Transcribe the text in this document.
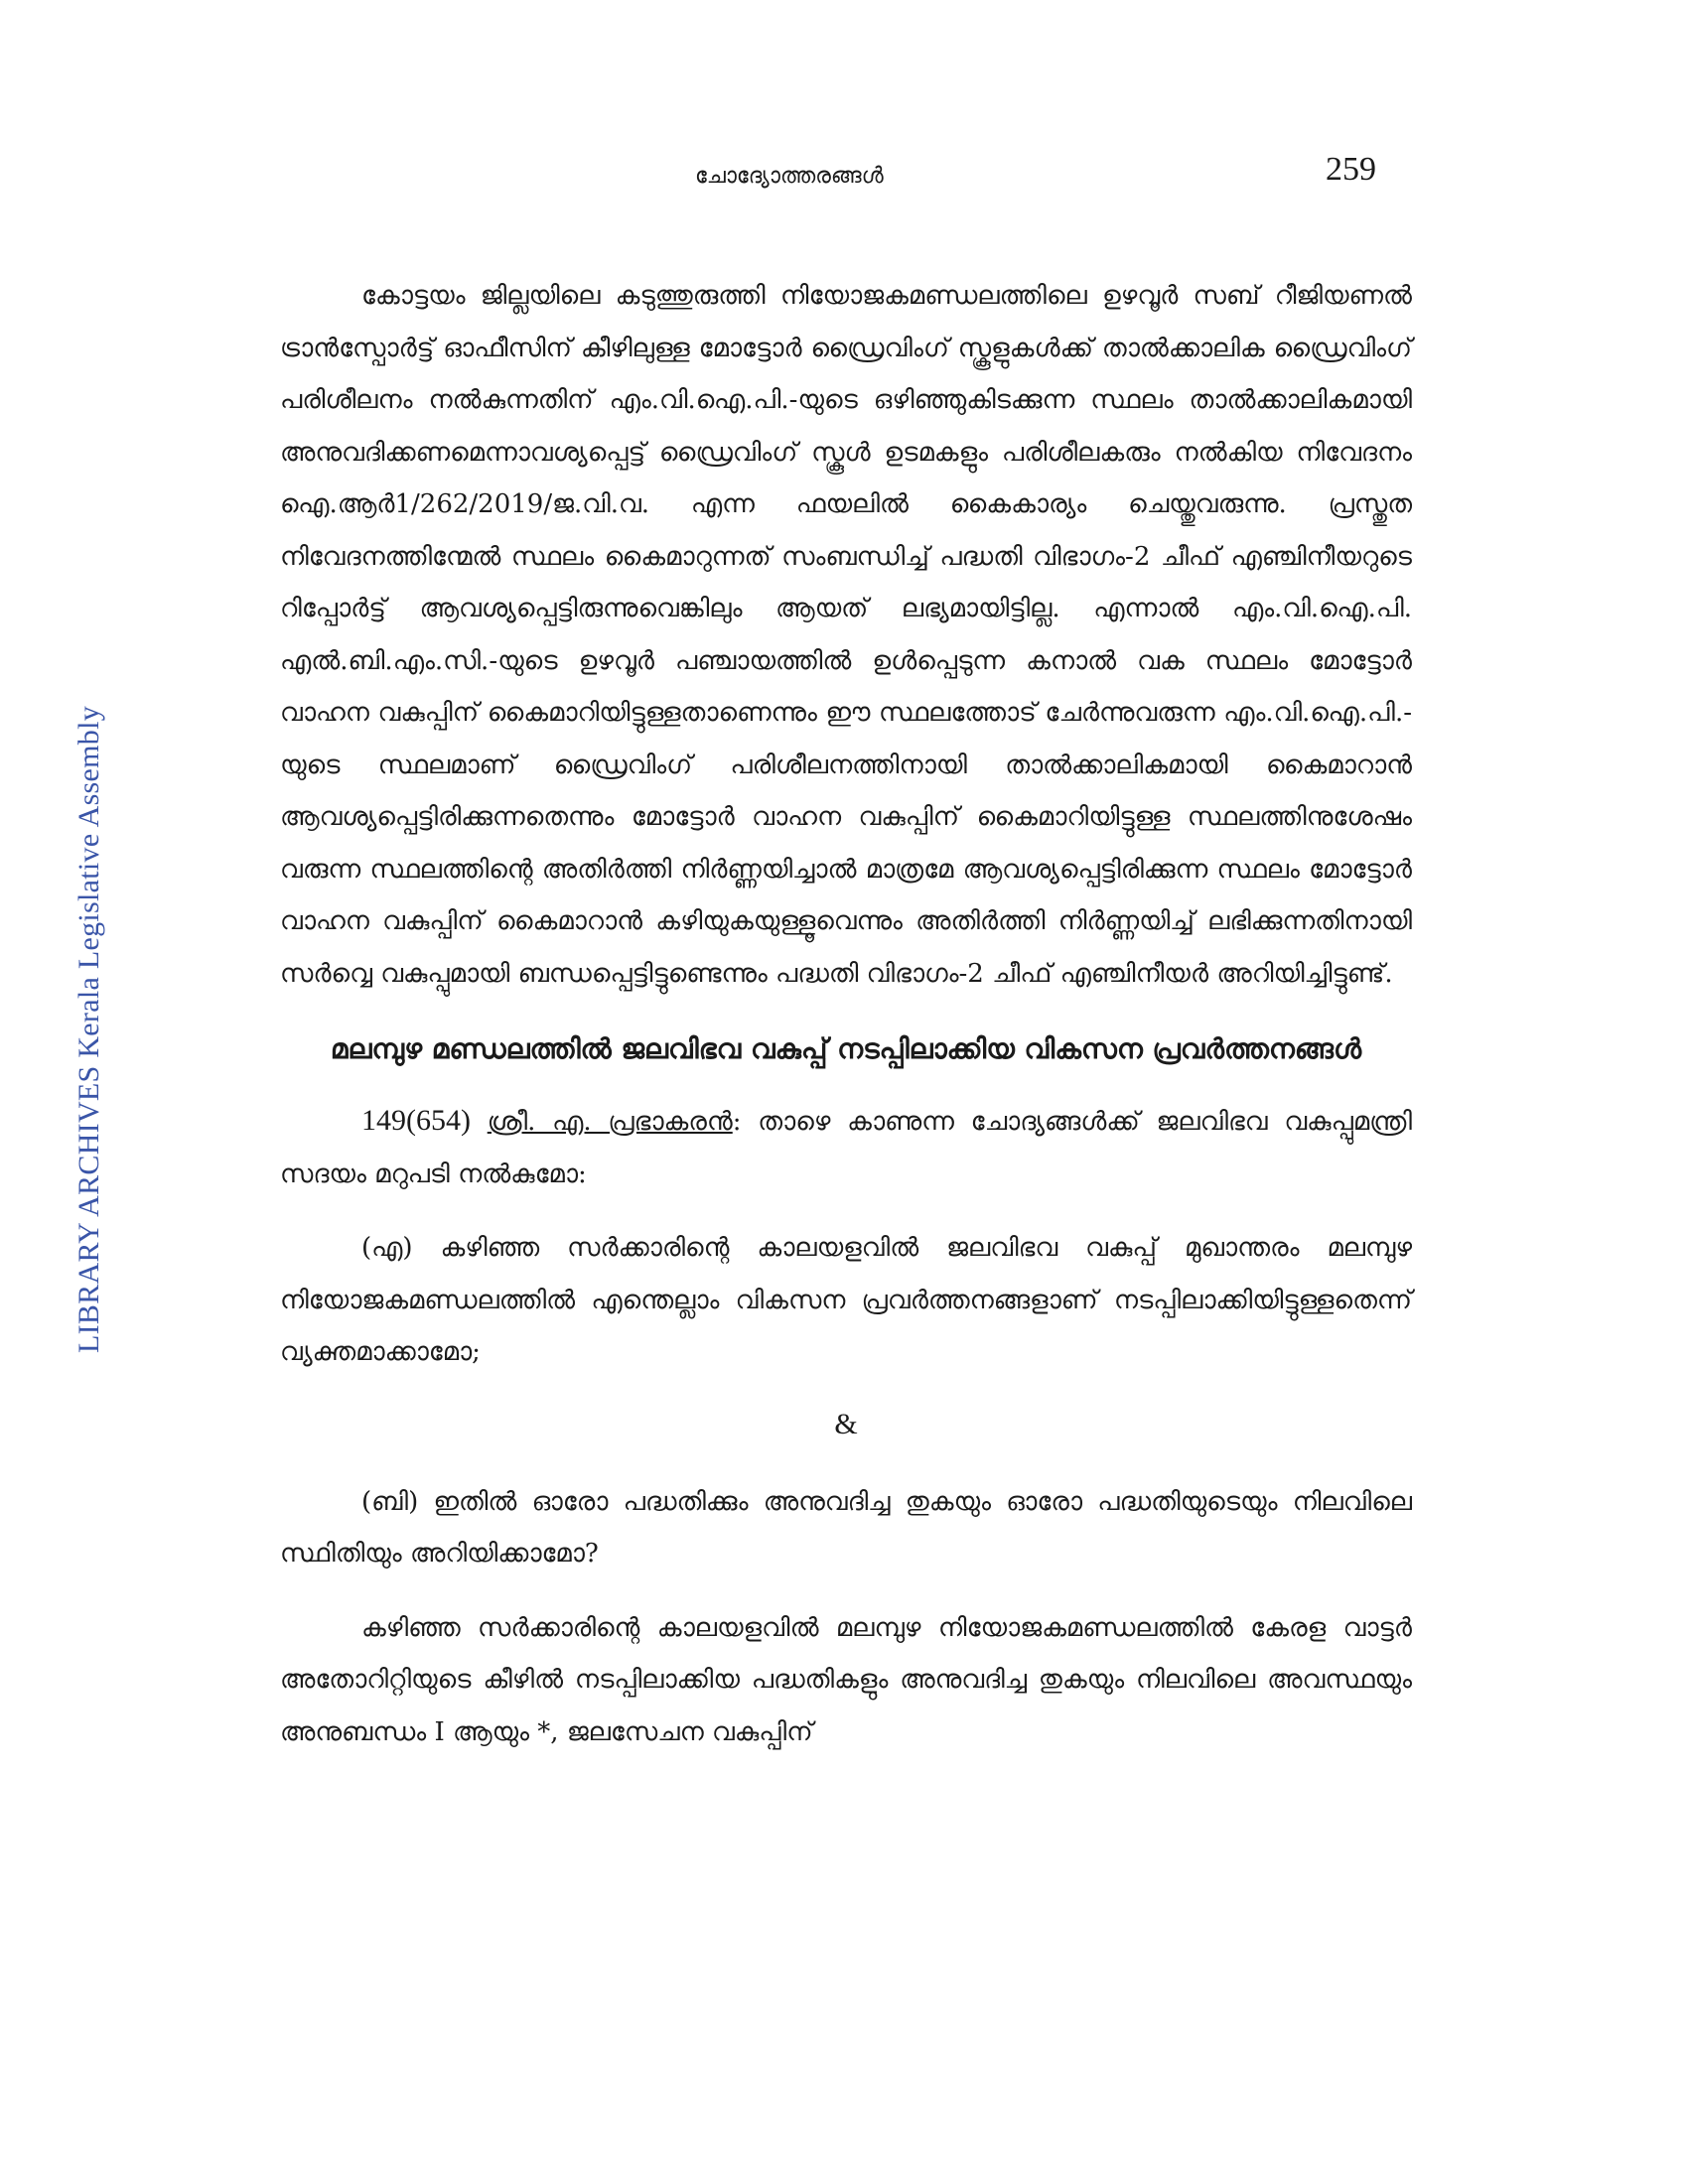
ചോദ്യോത്തരങ്ങൾ	259
LIBRARY ARCHIVES Kerala Legislative Assembly

കോട്ടയം ജില്ലയിലെ കടുത്തുരുത്തി നിയോജകമണ്ഡലത്തിലെ ഉഴവൂർ സബ് റീജിയണൽ ട്രാൻസ്പോർട്ട് ഓഫീസിന് കീഴിലുള്ള മോട്ടോർ ഡ്രൈവിംഗ് സ്കൂളുകൾക്ക് താൽക്കാലിക ഡ്രൈവിംഗ് പരിശീലനം നൽകുന്നതിന് എം.വി.ഐ.പി.-യുടെ ഒഴിഞ്ഞുകിടക്കുന്ന സ്ഥലം താൽക്കാലികമായി അനുവദിക്കണമെന്നാവശ്യപ്പെട്ട് ഡ്രൈവിംഗ് സ്കൂൾ ഉടമകളും പരിശീലകരും നൽകിയ നിവേദനം ഐ.ആർ1/262/2019/ജ.വി.വ. എന്ന ഫയലിൽ കൈകാര്യം ചെയ്തുവരുന്നു. പ്രസ്തുത നിവേദനത്തിന്മേൽ സ്ഥലം കൈമാറുന്നത് സംബന്ധിച്ച് പദ്ധതി വിഭാഗം-2 ചീഫ് എഞ്ചിനീയറുടെ റിപ്പോർട്ട് ആവശ്യപ്പെട്ടിരുന്നുവെങ്കിലും ആയത് ലഭ്യമായിട്ടില്ല. എന്നാൽ എം.വി.ഐ.പി. എൽ.ബി.എം.സി.-യുടെ ഉഴവൂർ പഞ്ചായത്തിൽ ഉൾപ്പെടുന്ന കനാൽ വക സ്ഥലം മോട്ടോർ വാഹന വകുപ്പിന് കൈമാറിയിട്ടുള്ളതാണെന്നും ഈ സ്ഥലത്തോട് ചേർന്നുവരുന്ന എം.വി.ഐ.പി.-യുടെ സ്ഥലമാണ് ഡ്രൈവിംഗ് പരിശീലനത്തിനായി താൽക്കാലികമായി കൈമാറാൻ ആവശ്യപ്പെട്ടിരിക്കുന്നതെന്നും മോട്ടോർ വാഹന വകുപ്പിന് കൈമാറിയിട്ടുള്ള സ്ഥലത്തിനുശേഷം വരുന്ന സ്ഥലത്തിന്റെ അതിർത്തി നിർണ്ണയിച്ചാൽ മാത്രമേ ആവശ്യപ്പെട്ടിരിക്കുന്ന സ്ഥലം മോട്ടോർ വാഹന വകുപ്പിന് കൈമാറാൻ കഴിയുകയുള്ളൂവെന്നും അതിർത്തി നിർണ്ണയിച്ച് ലഭിക്കുന്നതിനായി സർവ്വെ വകുപ്പുമായി ബന്ധപ്പെട്ടിട്ടുണ്ടെന്നും പദ്ധതി വിഭാഗം-2 ചീഫ് എഞ്ചിനീയർ അറിയിച്ചിട്ടുണ്ട്.

മലമ്പുഴ മണ്ഡലത്തിൽ ജലവിഭവ വകുപ്പ് നടപ്പിലാക്കിയ വികസന പ്രവർത്തനങ്ങൾ

149(654) ശ്രീ. എ. പ്രഭാകരൻ: താഴെ കാണുന്ന ചോദ്യങ്ങൾക്ക് ജലവിഭവ വകുപ്പുമന്ത്രി സദയം മറുപടി നൽകുമോ:

(എ) കഴിഞ്ഞ സർക്കാരിന്റെ കാലയളവിൽ ജലവിഭവ വകുപ്പ് മുഖാന്തരം മലമ്പുഴ നിയോജകമണ്ഡലത്തിൽ എന്തെല്ലാം വികസന പ്രവർത്തനങ്ങളാണ് നടപ്പിലാക്കിയിട്ടുള്ളതെന്ന് വ്യക്തമാക്കാമോ;

&

(ബി) ഇതിൽ ഓരോ പദ്ധതിക്കും അനുവദിച്ച തുകയും ഓരോ പദ്ധതിയുടെയും നിലവിലെ സ്ഥിതിയും അറിയിക്കാമോ?

കഴിഞ്ഞ സർക്കാരിന്റെ കാലയളവിൽ മലമ്പുഴ നിയോജകമണ്ഡലത്തിൽ കേരള വാട്ടർ അതോറിറ്റിയുടെ കീഴിൽ നടപ്പിലാക്കിയ പദ്ധതികളും അനുവദിച്ച തുകയും നിലവിലെ അവസ്ഥയും അനുബന്ധം I ആയും *, ജലസേചന വകുപ്പിന്
